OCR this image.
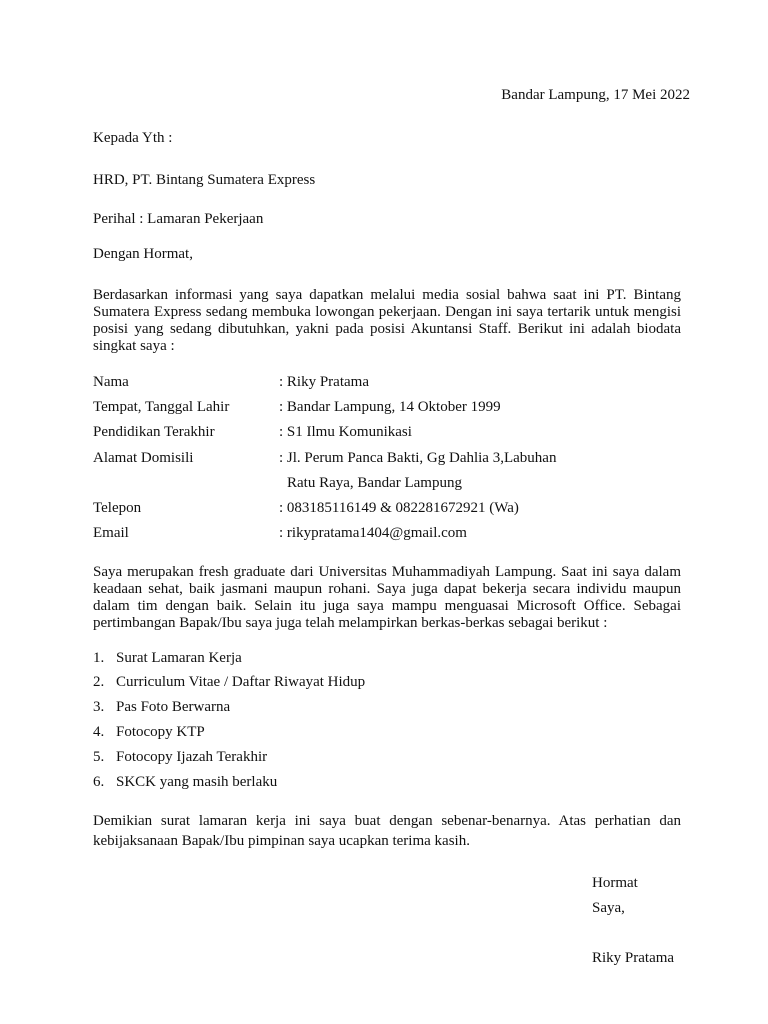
Bandar Lampung, 17 Mei 2022
Kepada Yth :
HRD, PT. Bintang Sumatera Express
Perihal : Lamaran Pekerjaan
Dengan Hormat,
Berdasarkan informasi yang saya dapatkan melalui media sosial bahwa saat ini PT. Bintang Sumatera Express sedang membuka lowongan pekerjaan. Dengan ini saya tertarik untuk mengisi posisi yang sedang dibutuhkan, yakni pada posisi Akuntansi Staff. Berikut ini adalah biodata singkat saya :
Nama	: Riky Pratama
Tempat, Tanggal Lahir	: Bandar Lampung, 14 Oktober 1999
Pendidikan Terakhir	: S1 Ilmu Komunikasi
Alamat Domisili	: Jl. Perum Panca Bakti, Gg Dahlia 3,Labuhan
Ratu Raya, Bandar Lampung
Telepon	: 083185116149 & 082281672921 (Wa)
Email	: rikypratama1404@gmail.com
Saya merupakan fresh graduate dari Universitas Muhammadiyah Lampung. Saat ini saya dalam keadaan sehat, baik jasmani maupun rohani. Saya juga dapat bekerja secara individu maupun dalam tim dengan baik. Selain itu juga saya mampu menguasai Microsoft Office. Sebagai pertimbangan Bapak/Ibu saya juga telah melampirkan berkas-berkas sebagai berikut :
1. Surat Lamaran Kerja
2. Curriculum Vitae / Daftar Riwayat Hidup
3. Pas Foto Berwarna
4. Fotocopy KTP
5. Fotocopy Ijazah Terakhir
6. SKCK yang masih berlaku
Demikian surat lamaran kerja ini saya buat dengan sebenar-benarnya. Atas perhatian dan kebijaksanaan Bapak/Ibu pimpinan saya ucapkan terima kasih.
Hormat
Saya,
Riky Pratama
